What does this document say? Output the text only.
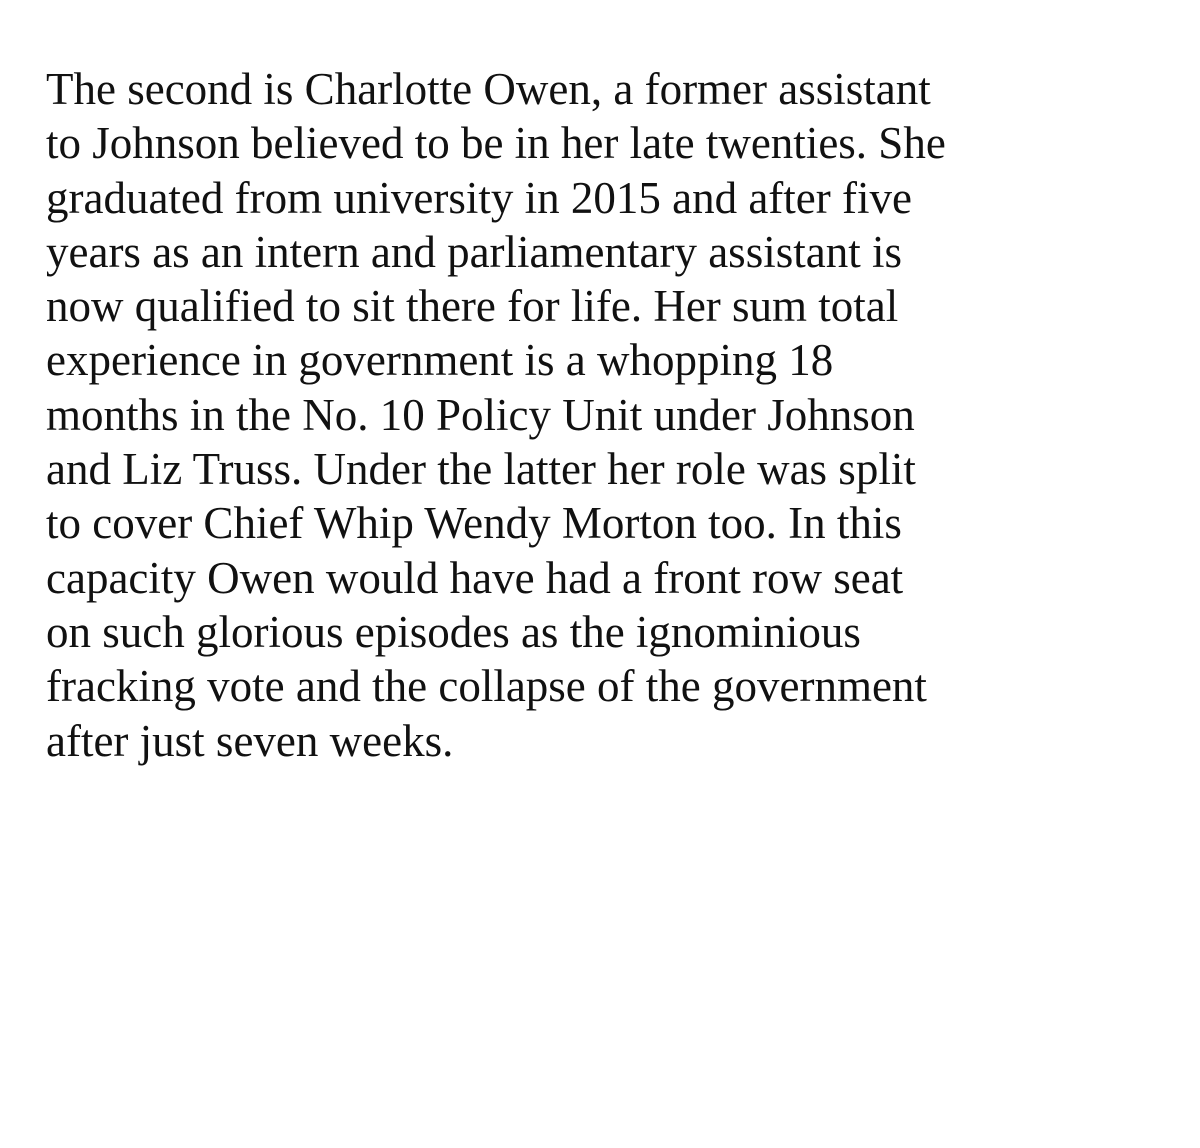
The second is Charlotte Owen, a former assistant
to Johnson believed to be in her late twenties. She
graduated from university in 2015 and after five
years as an intern and parliamentary assistant is
now qualified to sit there for life. Her sum total
experience in government is a whopping 18
months in the No. 10 Policy Unit under Johnson
and Liz Truss. Under the latter her role was split
to cover Chief Whip Wendy Morton too. In this
capacity Owen would have had a front row seat
on such glorious episodes as the ignominious
fracking vote and the collapse of the government
after just seven weeks.
